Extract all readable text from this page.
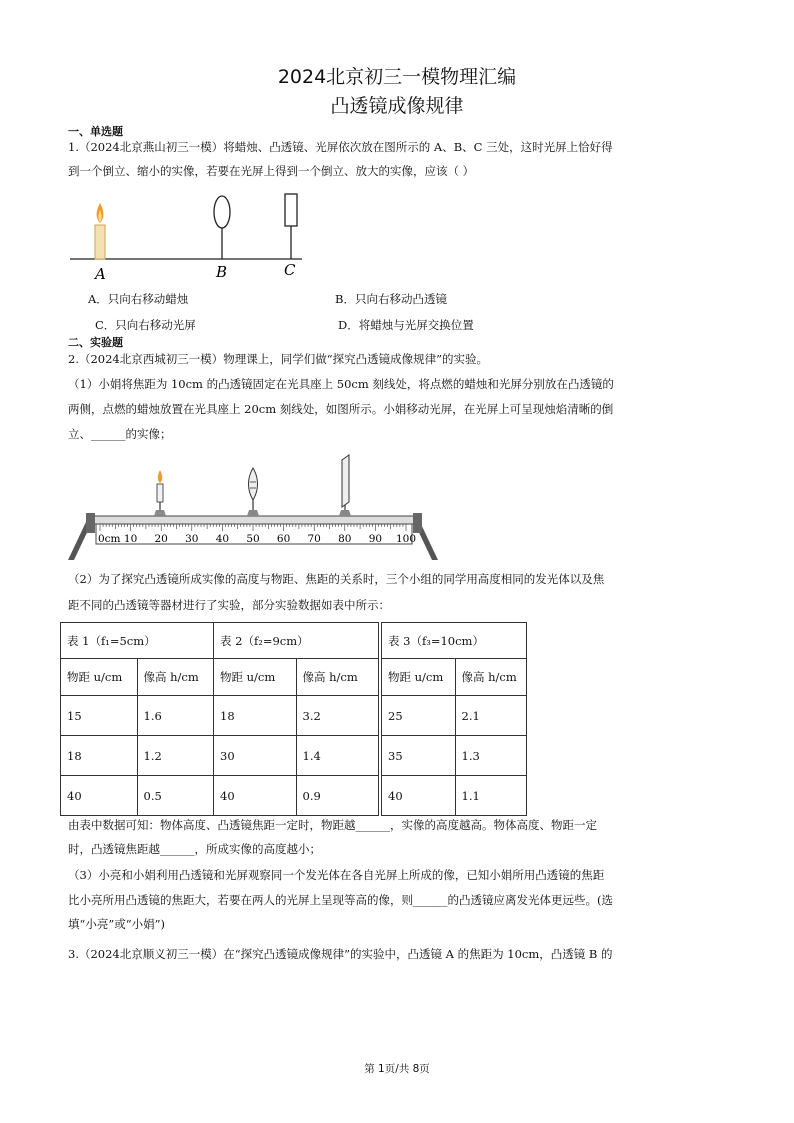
2024北京初三一模物理汇编
凸透镜成像规律
一、单选题
1.（2024北京燕山初三一模）将蜡烛、凸透镜、光屏依次放在图所示的 A、B、C 三处，这时光屏上恰好得
到一个倒立、缩小的实像，若要在光屏上得到一个倒立、放大的实像，应该（ ）
A	B	C
A．只向右移动蜡烛	B．只向右移动凸透镜
C．只向右移动光屏	D．将蜡烛与光屏交换位置
二、实验题
2.（2024北京西城初三一模）物理课上，同学们做“探究凸透镜成像规律”的实验。
（1）小娟将焦距为 10cm 的凸透镜固定在光具座上 50cm 刻线处，将点燃的蜡烛和光屏分别放在凸透镜的
两侧，点燃的蜡烛放置在光具座上 20cm 刻线处，如图所示。小娟移动光屏，在光屏上可呈现烛焰清晰的倒
立、______的实像；
0cm 10 20 30 40 50 60 70 80 90 100
（2）为了探究凸透镜所成实像的高度与物距、焦距的关系时，三个小组的同学用高度相同的发光体以及焦
距不同的凸透镜等器材进行了实验，部分实验数据如表中所示：
表 1（f₁=5cm）	
物距 u/cm	像高 h/cm
15	1.6
18	1.2
40	0.5
表 2（f₂=9cm）	
物距 u/cm	像高 h/cm
18	3.2
30	1.4
40	0.9
表 3（f₃=10cm）	
物距 u/cm	像高 h/cm
25	2.1
35	1.3
40	1.1
由表中数据可知：物体高度、凸透镜焦距一定时，物距越______，实像的高度越高。物体高度、物距一定
时，凸透镜焦距越______，所成实像的高度越小；
（3）小亮和小娟利用凸透镜和光屏观察同一个发光体在各自光屏上所成的像，已知小娟所用凸透镜的焦距
比小亮所用凸透镜的焦距大，若要在两人的光屏上呈现等高的像，则______的凸透镜应离发光体更远些。(选
填“小亮”或“小娟”)
3.（2024北京顺义初三一模）在“探究凸透镜成像规律”的实验中，凸透镜 A 的焦距为 10cm，凸透镜 B 的
第 1页/共 8页
